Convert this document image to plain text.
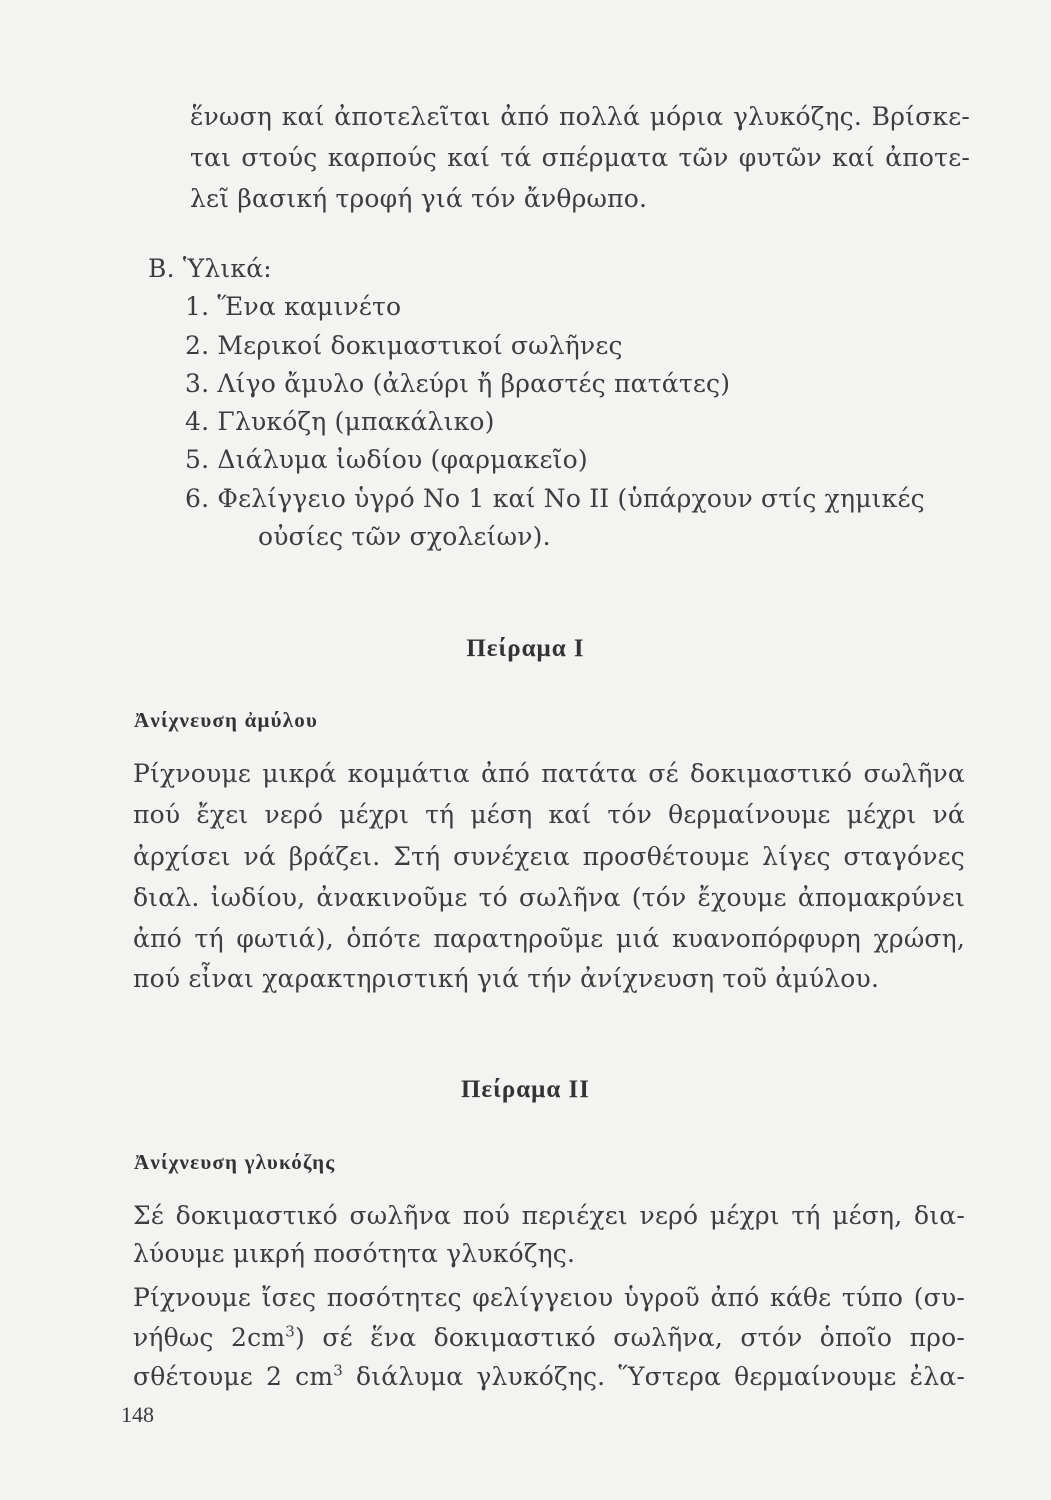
ἕνωση καί ἀποτελεῖται ἀπό πολλά μόρια γλυκόζης. Βρίσκε-
ται στούς καρπούς καί τά σπέρματα τῶν φυτῶν καί ἀποτε-
λεῖ βασική τροφή γιά τόν ἄνθρωπο.
Β. Ὑλικά:
1. Ἕνα καμινέτο
2. Μερικοί δοκιμαστικοί σωλῆνες
3. Λίγο ἄμυλο (ἀλεύρι ἤ βραστές πατάτες)
4. Γλυκόζη (μπακάλικο)
5. Διάλυμα ἰωδίου (φαρμακεῖο)
6. Φελίγγειο ὑγρό Νο 1 καί Νο ΙΙ (ὑπάρχουν στίς χημικές
οὐσίες τῶν σχολείων).
Πείραμα Ι
Ἀνίχνευση ἀμύλου
Ρίχνουμε μικρά κομμάτια ἀπό πατάτα σέ δοκιμαστικό σωλῆνα
πού ἔχει νερό μέχρι τή μέση καί τόν θερμαίνουμε μέχρι νά
ἀρχίσει νά βράζει. Στή συνέχεια προσθέτουμε λίγες σταγόνες
διαλ. ἰωδίου, ἀνακινοῦμε τό σωλῆνα (τόν ἔχουμε ἀπομακρύνει
ἀπό τή φωτιά), ὁπότε παρατηροῦμε μιά κυανοπόρφυρη χρώση,
πού εἶναι χαρακτηριστική γιά τήν ἀνίχνευση τοῦ ἀμύλου.
Πείραμα ΙΙ
Ἀνίχνευση γλυκόζης
Σέ δοκιμαστικό σωλῆνα πού περιέχει νερό μέχρι τή μέση, δια-
λύουμε μικρή ποσότητα γλυκόζης.
Ρίχνουμε ἴσες ποσότητες φελίγγειου ὑγροῦ ἀπό κάθε τύπο (συ-
νήθως $2cm^3$) σέ ἕνα δοκιμαστικό σωλῆνα, στόν ὁποῖο προ-
σθέτουμε 2 $cm^3$ διάλυμα γλυκόζης. Ὕστερα θερμαίνουμε ἐλα-
148
